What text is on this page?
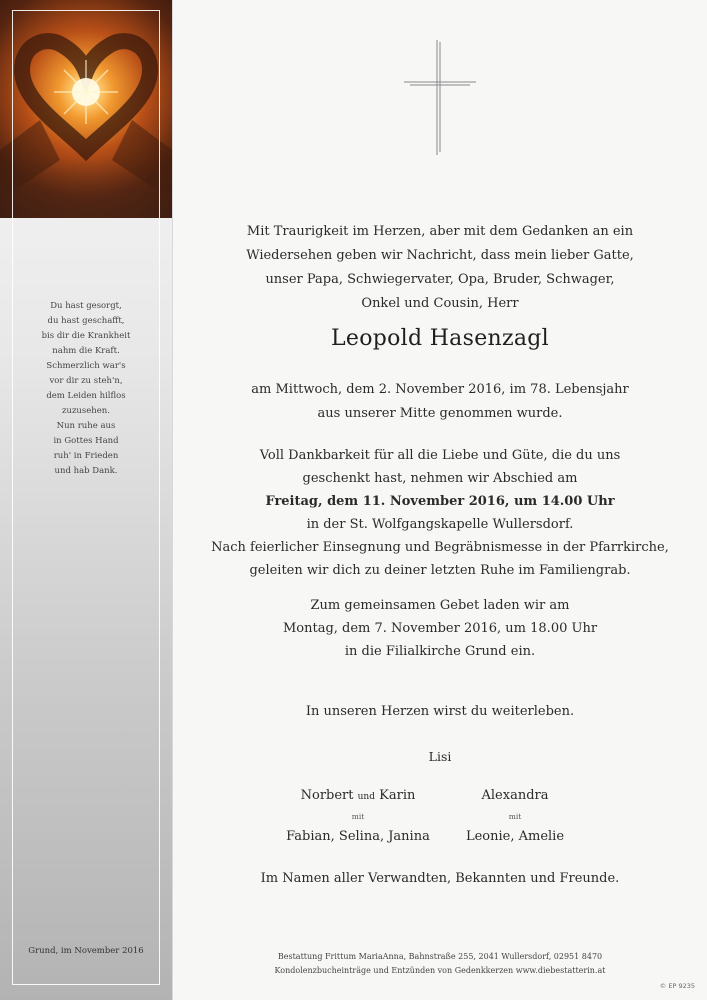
Du hast gesorgt,
du hast geschafft,
bis dir die Krankheit
nahm die Kraft.
Schmerzlich war's
vor dir zu steh'n,
dem Leiden hilflos
zuzusehen.
Nun ruhe aus
in Gottes Hand
ruh' in Frieden
und hab Dank.
Grund, im November 2016
Mit Traurigkeit im Herzen, aber mit dem Gedanken an ein
Wiedersehen geben wir Nachricht, dass mein lieber Gatte,
unser Papa, Schwiegervater, Opa, Bruder, Schwager,
Onkel und Cousin, Herr
Leopold Hasenzagl
am Mittwoch, dem 2. November 2016, im 78. Lebensjahr
aus unserer Mitte genommen wurde.
Voll Dankbarkeit für all die Liebe und Güte, die du uns
geschenkt hast, nehmen wir Abschied am
Freitag, dem 11. November 2016, um 14.00 Uhr
in der St. Wolfgangskapelle Wullersdorf.
Nach feierlicher Einsegnung und Begräbnismesse in der Pfarrkirche,
geleiten wir dich zu deiner letzten Ruhe im Familiengrab.
Zum gemeinsamen Gebet laden wir am
Montag, dem 7. November 2016, um 18.00 Uhr
in die Filialkirche Grund ein.
In unseren Herzen wirst du weiterleben.
Lisi
Norbert und Karin
mit
Fabian, Selina, Janina
Alexandra
mit
Leonie, Amelie
Im Namen aller Verwandten, Bekannten und Freunde.
Bestattung Frittum MariaAnna, Bahnstraße 255, 2041 Wullersdorf, 02951 8470
Kondolenzbucheinträge und Entzünden von Gedenkkerzen www.diebestatterin.at
© EP 9235
